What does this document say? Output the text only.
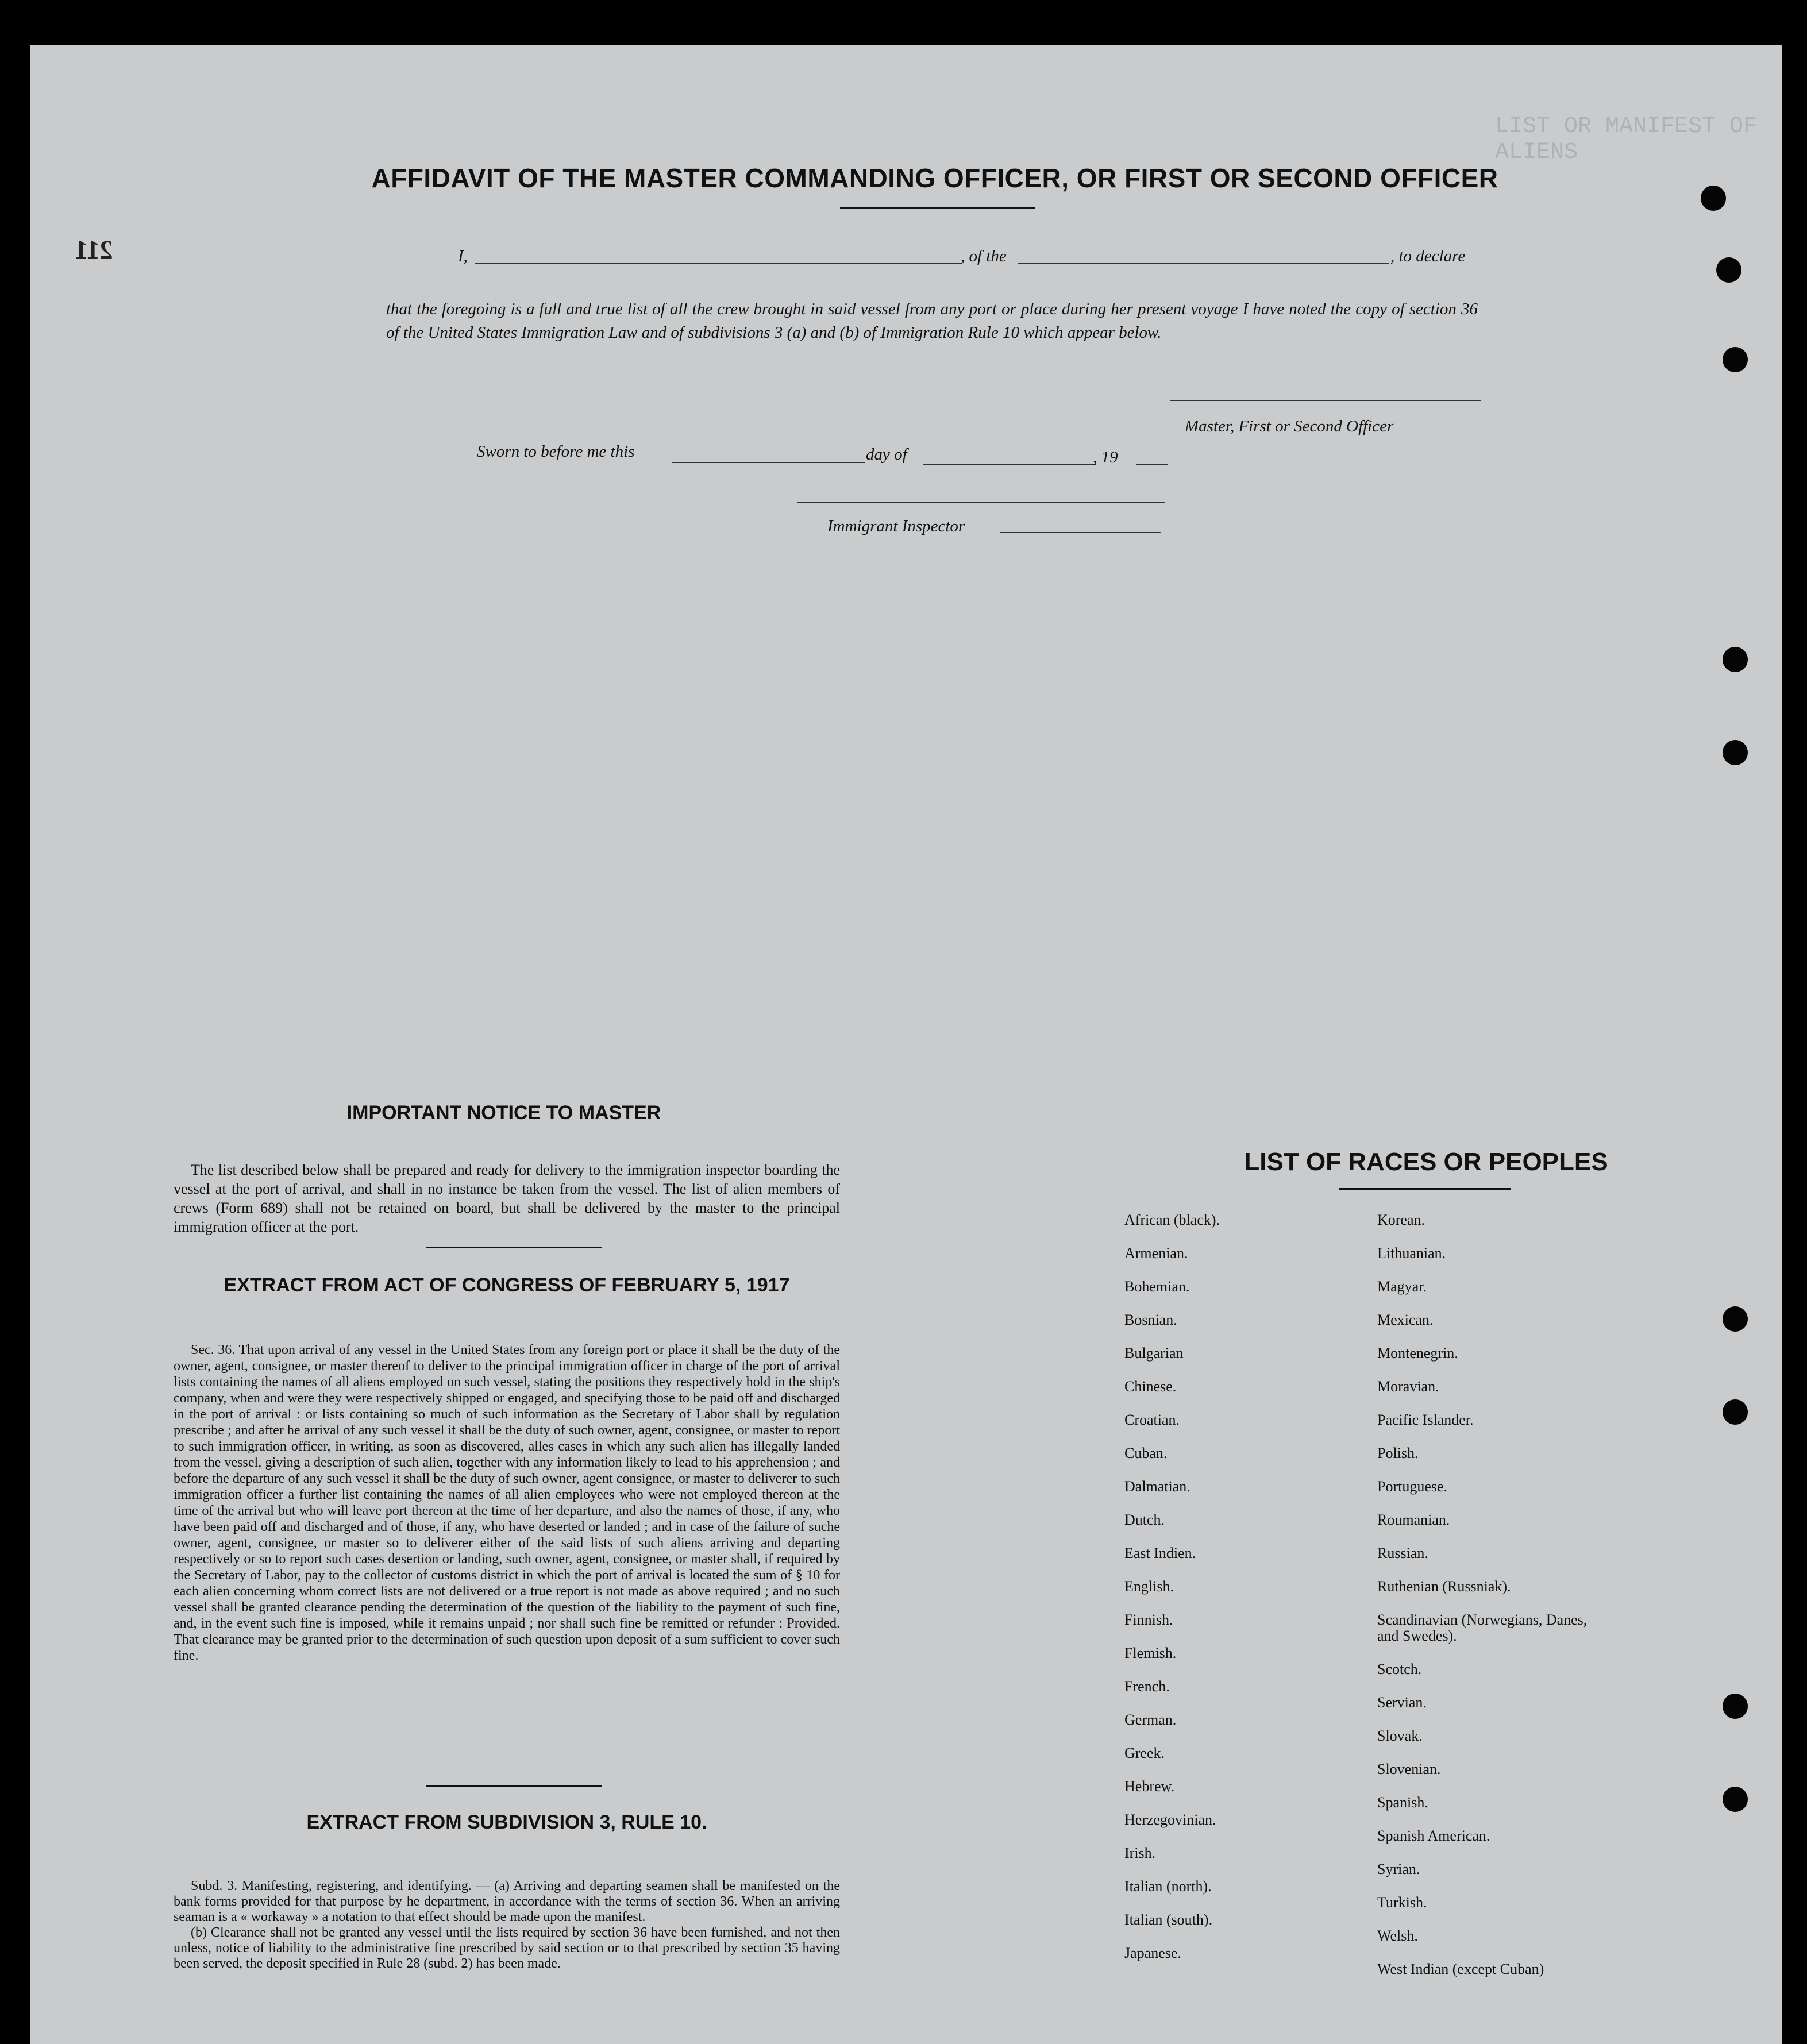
LIST OR MANIFEST OF ALIENS
211
AFFIDAVIT OF THE MASTER COMMANDING OFFICER, OR FIRST OR SECOND OFFICER
I,	, of the	, to declare
that the foregoing is a full and true list of all the crew brought in said vessel from any port or place during her present voyage I have noted the copy of section 36 of the United States Immigration Law and of subdivisions 3 (a) and (b) of Immigration Rule 10 which appear below.
Master, First or Second Officer
Sworn to before me this	day of	, 19
Immigrant Inspector
IMPORTANT NOTICE TO MASTER
The list described below shall be prepared and ready for delivery to the immigration inspector boarding the vessel at the port of arrival, and shall in no instance be taken from the vessel. The list of alien members of crews (Form 689) shall not be retained on board, but shall be delivered by the master to the principal immigration officer at the port.
EXTRACT FROM ACT OF CONGRESS OF FEBRUARY 5, 1917
Sec. 36. That upon arrival of any vessel in the United States from any foreign port or place it shall be the duty of the owner, agent, consignee, or master thereof to deliver to the principal immigration officer in charge of the port of arrival lists containing the names of all aliens employed on such vessel, stating the positions they respectively hold in the ship's company, when and were they were respectively shipped or engaged, and specifying those to be paid off and discharged in the port of arrival : or lists containing so much of such information as the Secretary of Labor shall by regulation prescribe ; and after he arrival of any such vessel it shall be the duty of such owner, agent, consignee, or master to report to such immigration officer, in writing, as soon as discovered, alles cases in which any such alien has illegally landed from the vessel, giving a description of such alien, together with any information likely to lead to his apprehension ; and before the departure of any such vessel it shall be the duty of such owner, agent consignee, or master to deliverer to such immigration officer a further list containing the names of all alien employees who were not employed thereon at the time of the arrival but who will leave port thereon at the time of her departure, and also the names of those, if any, who have been paid off and discharged and of those, if any, who have deserted or landed ; and in case of the failure of suche owner, agent, consignee, or master so to deliverer either of the said lists of such aliens arriving and departing respectively or so to report such cases desertion or landing, such owner, agent, consignee, or master shall, if required by the Secretary of Labor, pay to the collector of customs district in which the port of arrival is located the sum of § 10 for each alien concerning whom correct lists are not delivered or a true report is not made as above required ; and no such vessel shall be granted clearance pending the determination of the question of the liability to the payment of such fine, and, in the event such fine is imposed, while it remains unpaid ; nor shall such fine be remitted or refunder : Provided. That clearance may be granted prior to the determination of such question upon deposit of a sum sufficient to cover such fine.
EXTRACT FROM SUBDIVISION 3, RULE 10.
Subd. 3. Manifesting, registering, and identifying. — (a) Arriving and departing seamen shall be manifested on the bank forms provided for that purpose by he department, in accordance with the terms of section 36. When an arriving seaman is a « workaway » a notation to that effect should be made upon the manifest.
(b) Clearance shall not be granted any vessel until the lists required by section 36 have been furnished, and not then unless, notice of liability to the administrative fine prescribed by said section or to that prescribed by section 35 having been served, the deposit specified in Rule 28 (subd. 2) has been made.
LIST OF RACES OR PEOPLES
African (black).
Armenian.
Bohemian.
Bosnian.
Bulgarian
Chinese.
Croatian.
Cuban.
Dalmatian.
Dutch.
East Indien.
English.
Finnish.
Flemish.
French.
German.
Greek.
Hebrew.
Herzegovinian.
Irish.
Italian (north).
Italian (south).
Japanese.
Korean.
Lithuanian.
Magyar.
Mexican.
Montenegrin.
Moravian.
Pacific Islander.
Polish.
Portuguese.
Roumanian.
Russian.
Ruthenian (Russniak).
Scandinavian (Norwegians, Danes, and Swedes).
Scotch.
Servian.
Slovak.
Slovenian.
Spanish.
Spanish American.
Syrian.
Turkish.
Welsh.
West Indian (except Cuban)
